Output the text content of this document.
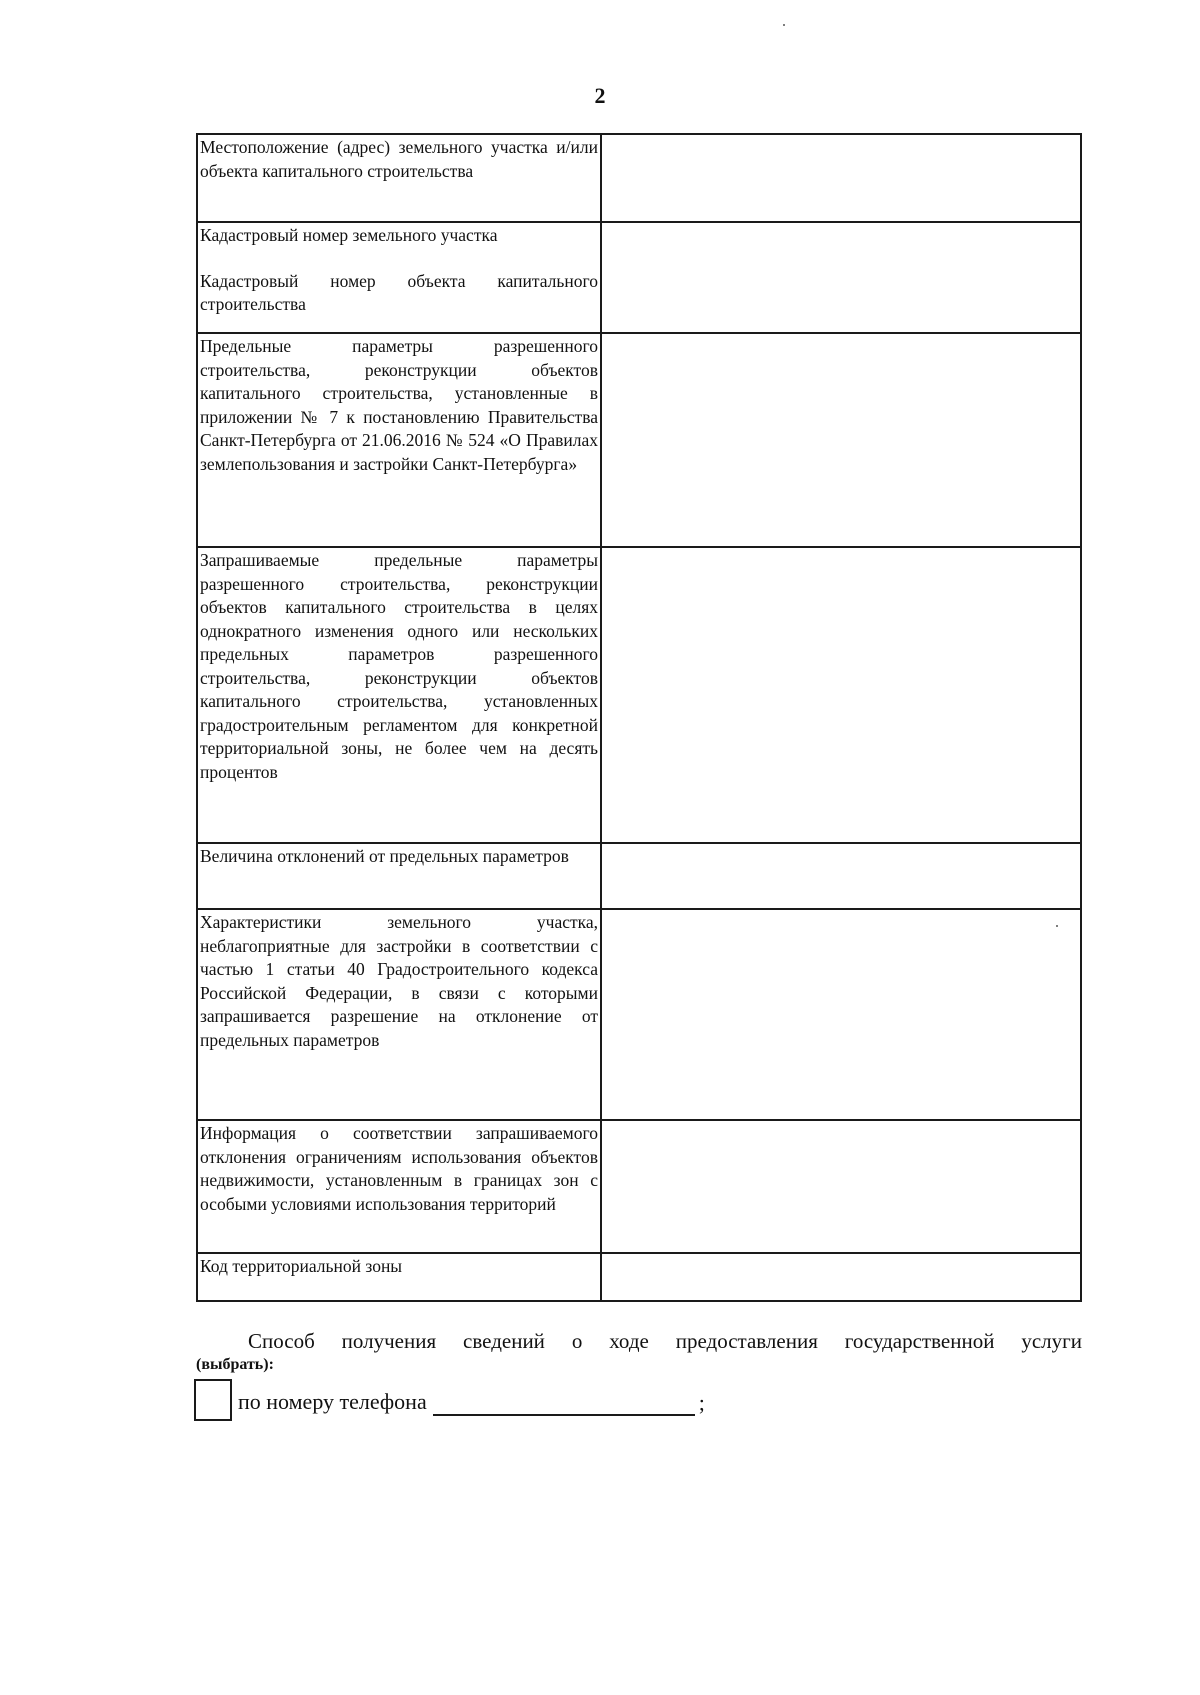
2
Местоположение (адрес) земельного участка и/или объекта капитального строительства	

Кадастровый номер земельного участка
Кадастровый номер объекта капитального строительства	

Предельные параметры разрешенного строительства, реконструкции объектов капитального строительства, установленные в приложении № 7 к постановлению Правительства Санкт-Петербурга от 21.06.2016 № 524 «О Правилах землепользования и застройки Санкт-Петербурга»	

Запрашиваемые предельные параметры разрешенного строительства, реконструкции объектов капитального строительства в целях однократного изменения одного или нескольких предельных параметров разрешенного строительства, реконструкции объектов капитального строительства, установленных градостроительным регламентом для конкретной территориальной зоны, не более чем на десять процентов	

Величина отклонений от предельных параметров	

Характеристики земельного участка, неблагоприятные для застройки в соответствии с частью 1 статьи 40 Градостроительного кодекса Российской Федерации, в связи с которыми запрашивается разрешение на отклонение от предельных параметров	

Информация о соответствии запрашиваемого отклонения ограничениям использования объектов недвижимости, установленным в границах зон с особыми условиями использования территорий	

Код территориальной зоны	

Способ получения сведений о ходе предоставления государственной услуги
(выбрать):
по номеру телефона	;
